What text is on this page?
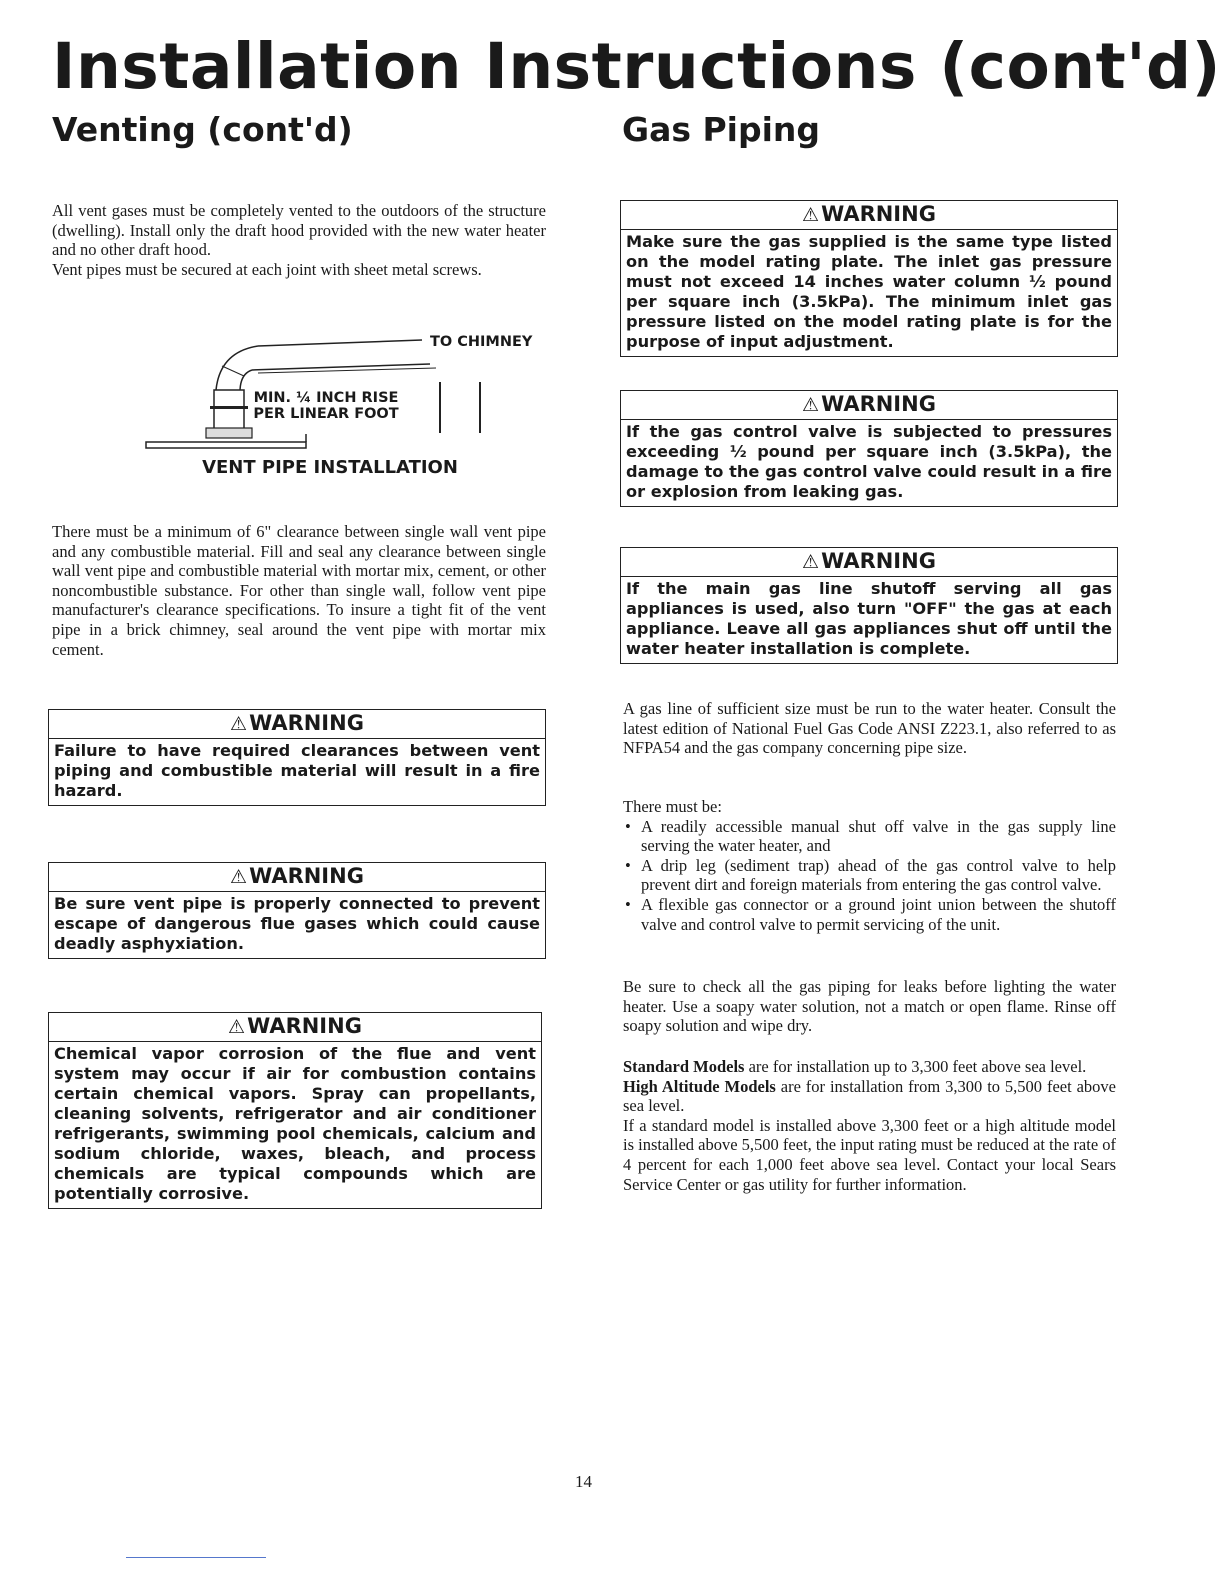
Installation Instructions (cont'd)
Venting (cont'd)	Gas Piping

All vent gases must be completely vented to the outdoors of the structure (dwelling). Install only the draft hood provided with the new water heater and no other draft hood.

Vent pipes must be secured at each joint with sheet metal screws.

TO CHIMNEY
MIN. ¼ INCH RISE PER LINEAR FOOT
VENT PIPE INSTALLATION
There must be a minimum of 6" clearance between single wall vent pipe and any combustible material. Fill and seal any clearance between single wall vent pipe and combustible material with mortar mix, cement, or other noncombustible substance. For other than single wall, follow vent pipe manufacturer's clearance specifications. To insure a tight fit of the vent pipe in a brick chimney, seal around the vent pipe with mortar mix cement.
⚠WARNING
Failure to have required clearances between vent piping and combustible material will result in a fire hazard.
⚠WARNING
Be sure vent pipe is properly connected to prevent escape of dangerous flue gases which could cause deadly asphyxiation.
⚠WARNING
Chemical vapor corrosion of the flue and vent system may occur if air for combustion contains certain chemical vapors. Spray can propellants, cleaning solvents, refrigerator and air conditioner refrigerants, swimming pool chemicals, calcium and sodium chloride, waxes, bleach, and process chemicals are typical compounds which are potentially corrosive.
⚠WARNING
Make sure the gas supplied is the same type listed on the model rating plate. The inlet gas pressure must not exceed 14 inches water column ½ pound per square inch (3.5kPa). The minimum inlet gas pressure listed on the model rating plate is for the purpose of input adjustment.
⚠WARNING
If the gas control valve is subjected to pressures exceeding ½ pound per square inch (3.5kPa), the damage to the gas control valve could result in a fire or explosion from leaking gas.
⚠WARNING
If the main gas line shutoff serving all gas appliances is used, also turn "OFF" the gas at each appliance. Leave all gas appliances shut off until the water heater installation is complete.
A gas line of sufficient size must be run to the water heater. Consult the latest edition of National Fuel Gas Code ANSI Z223.1, also referred to as NFPA54 and the gas company concerning pipe size.

There must be:

• A readily accessible manual shut off valve in the gas supply line serving the water heater, and
• A drip leg (sediment trap) ahead of the gas control valve to help prevent dirt and foreign materials from entering the gas control valve.
• A flexible gas connector or a ground joint union between the shutoff valve and control valve to permit servicing of the unit.
Be sure to check all the gas piping for leaks before lighting the water heater. Use a soapy water solution, not a match or open flame. Rinse off soapy solution and wipe dry.

Standard Models are for installation up to 3,300 feet above sea level.

High Altitude Models are for installation from 3,300 to 5,500 feet above sea level.

If a standard model is installed above 3,300 feet or a high altitude model is installed above 5,500 feet, the input rating must be reduced at the rate of 4 percent for each 1,000 feet above sea level. Contact your local Sears Service Center or gas utility for further information.

14
